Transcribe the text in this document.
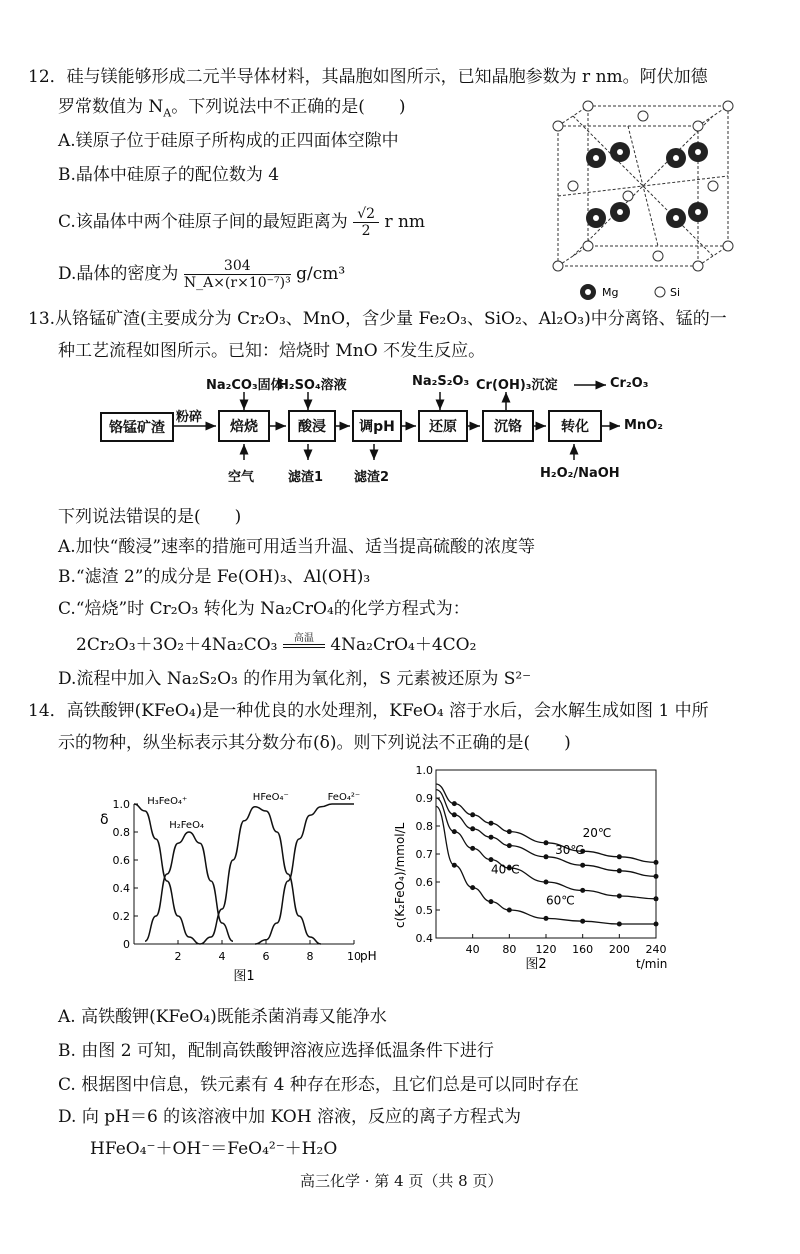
12．硅与镁能够形成二元半导体材料，其晶胞如图所示，已知晶胞参数为 r nm。阿伏加德
罗常数值为 $N_A$。下列说法中不正确的是(　　)
A.镁原子位于硅原子所构成的正四面体空隙中
B.晶体中硅原子的配位数为 4
C.该晶体中两个硅原子间的最短距离为 $\frac{√2}{2}$ r nm
D.晶体的密度为 $\frac{304}{\text{N\_A×(r×10⁻⁷)³}} g/cm^3$
Mg	Si
13.从铬锰矿渣(主要成分为 Cr₂O₃、MnO，含少量 Fe₂O₃、SiO₂、Al₂O₃)中分离铬、锰的一
种工艺流程如图所示。已知：焙烧时 MnO 不发生反应。
铬锰矿渣
粉碎
焙烧	酸浸	调pH	还原	沉铬	转化
Na₂CO₃固体
H₂SO₄溶液	Na₂S₂O₃ Cr(OH)₃沉淀	Cr₂O₃
空气	滤渣1 滤渣2	H₂O₂/NaOH
MnO₂
下列说法错误的是(　　)
A.加快“酸浸”速率的措施可用适当升温、适当提高硫酸的浓度等
B.“滤渣 2”的成分是 Fe(OH)₃、Al(OH)₃
C.“焙烧”时 Cr₂O₃ 转化为 Na₂CrO₄的化学方程式为：
2Cr₂O₃＋3O₂＋4Na₂CO₃	高温 4Na₂CrO₄＋4CO₂
D.流程中加入 Na₂S₂O₃ 的作用为氧化剂，S 元素被还原为 S²⁻
14．高铁酸钾(KFeO₄)是一种优良的水处理剂，KFeO₄ 溶于水后，会水解生成如图 1 中所
示的物种，纵坐标表示其分数分布(δ)。则下列说法不正确的是(　　)
δ
0
0.2
0.4
0.6
0.8
1.0
2	4	6	8	10 pH
H₃FeO₄⁺
H₂FeO₄
HFeO₄⁻	FeO₄²⁻
图1
0.4
0.5
0.6
0.7
0.8
0.9
1.0
40 80 120 160 200 240
t/min
c(K₂FeO₄)/mmol/L	20℃
30℃
40℃
60℃
图2
A. 高铁酸钾(KFeO₄)既能杀菌消毒又能净水
B. 由图 2 可知，配制高铁酸钾溶液应选择低温条件下进行
C. 根据图中信息，铁元素有 4 种存在形态，且它们总是可以同时存在
D. 向 pH＝6 的该溶液中加 KOH 溶液，反应的离子方程式为
HFeO₄⁻＋OH⁻＝FeO₄²⁻＋H₂O
高三化学 · 第 4 页（共 8 页）
